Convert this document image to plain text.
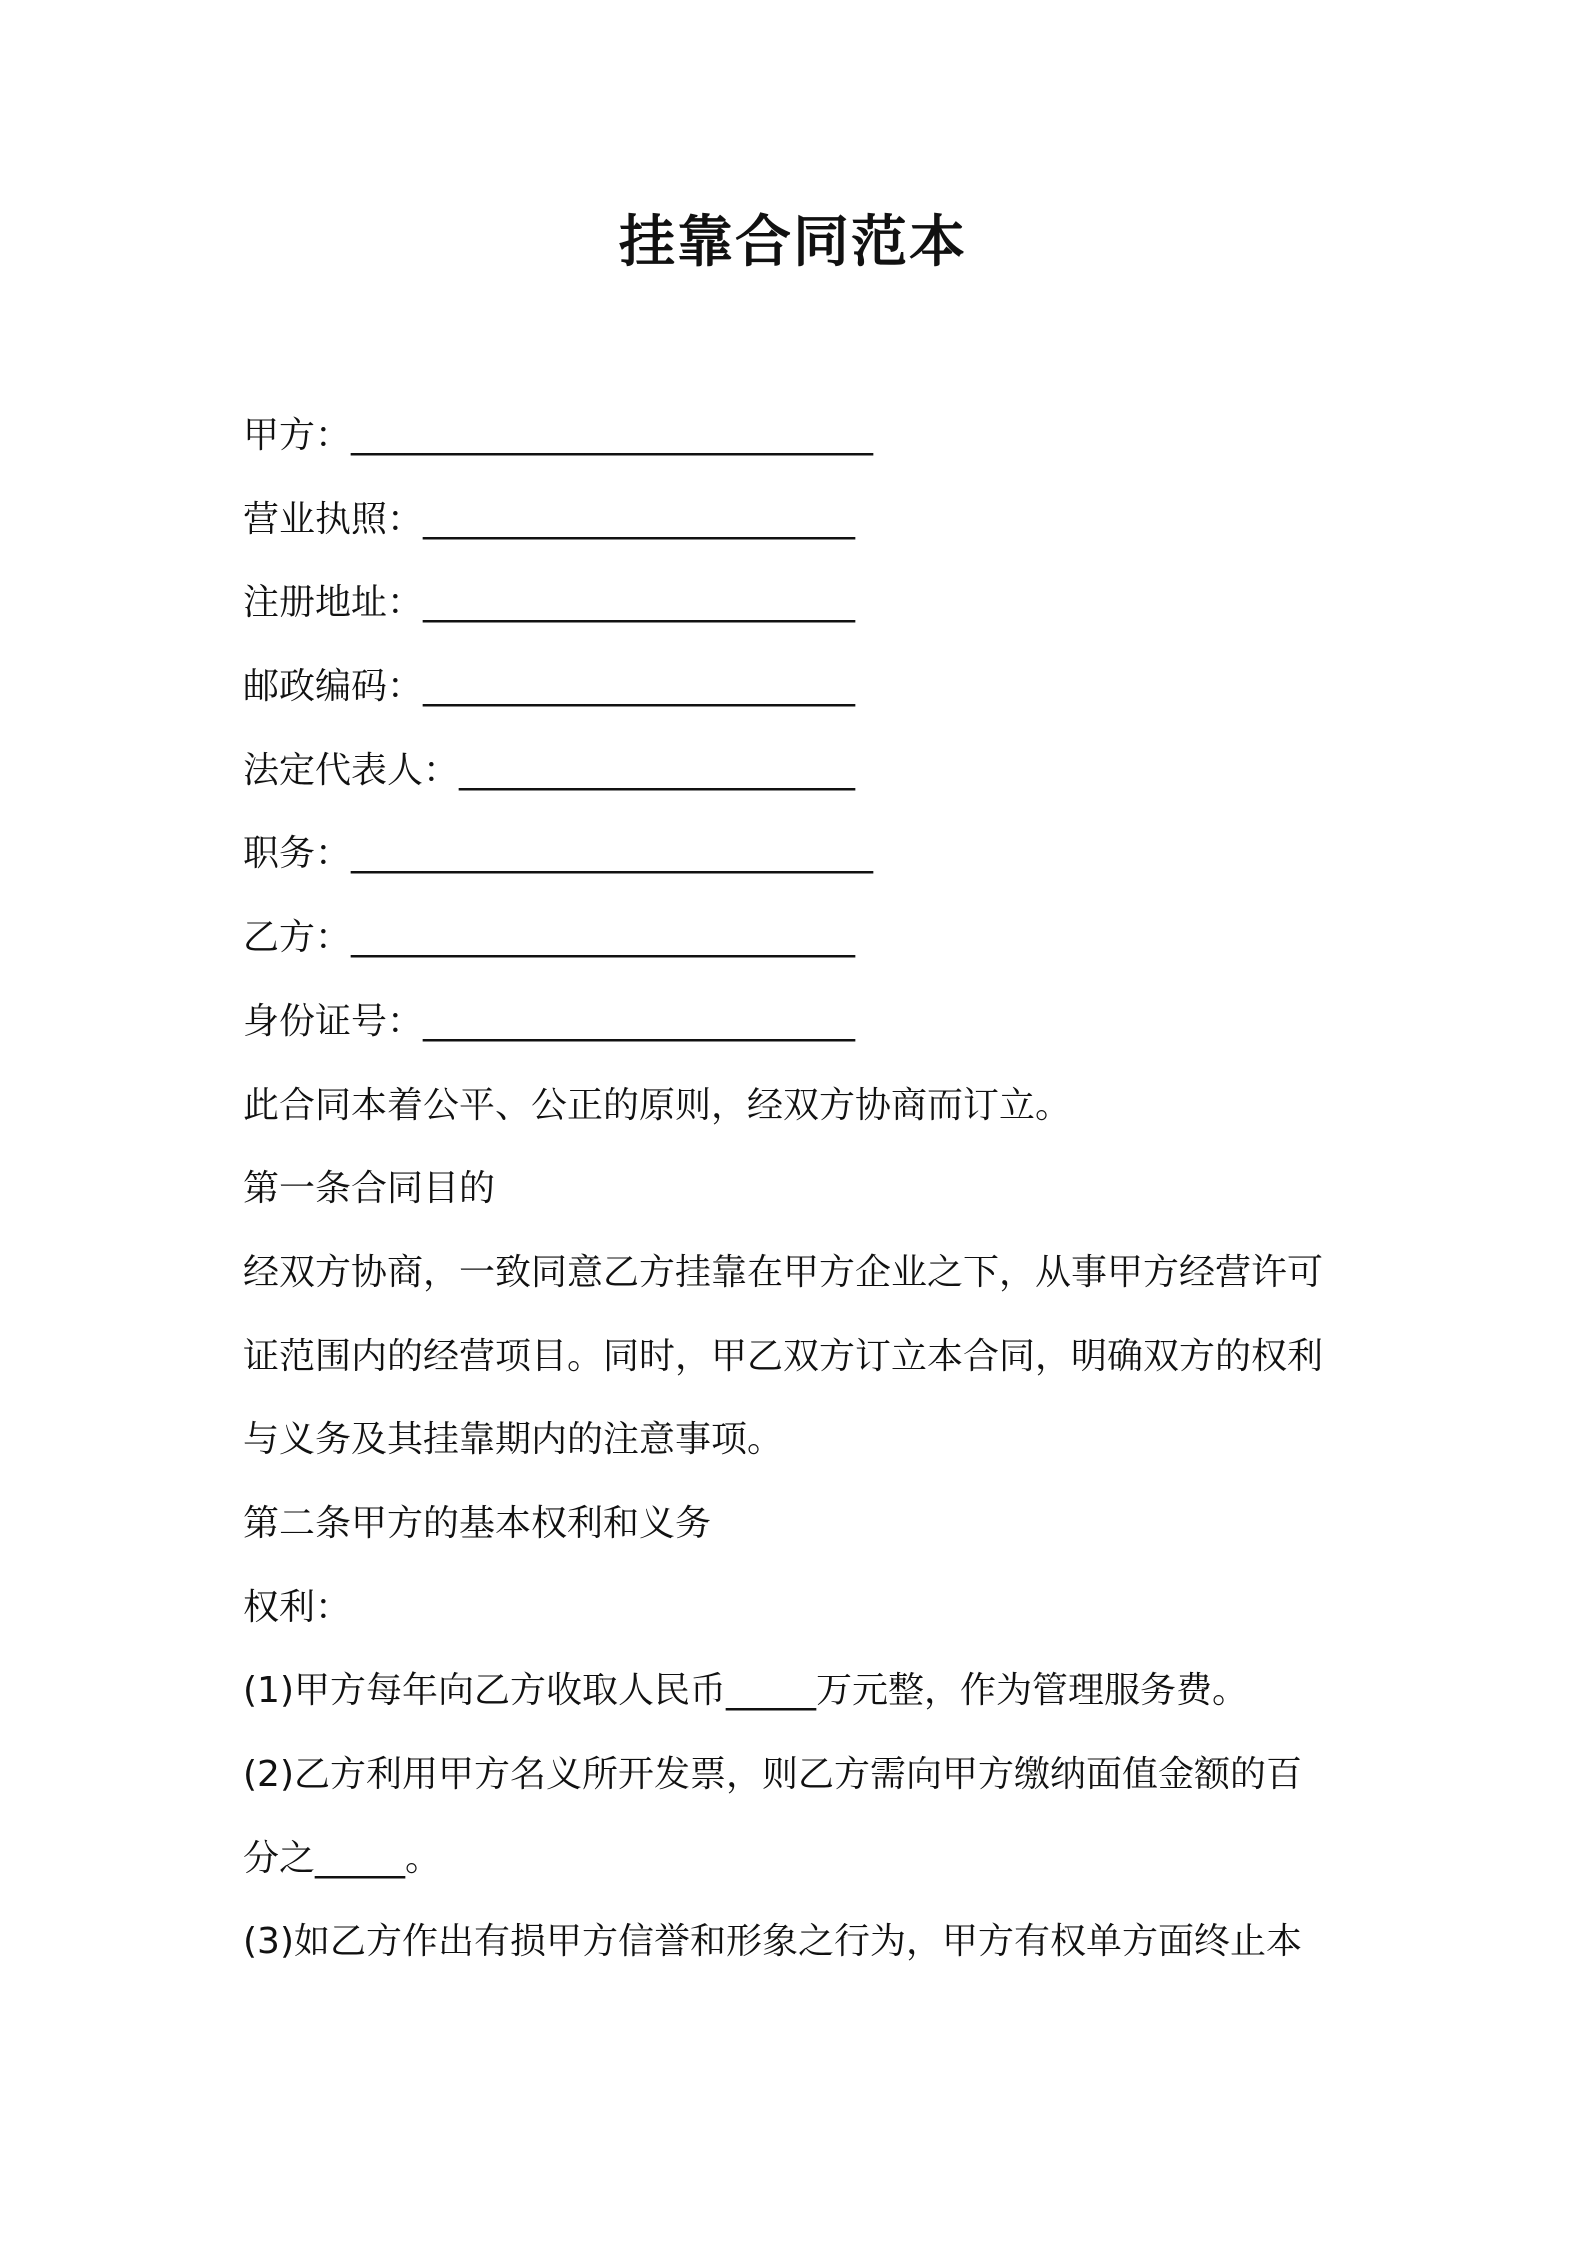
挂靠合同范本
甲方：_____________________________
营业执照：________________________
注册地址：________________________
邮政编码：________________________
法定代表人：______________________
职务：_____________________________
乙方：____________________________
身份证号：________________________
此合同本着公平、公正的原则，经双方协商而订立。
第一条合同目的
经双方协商，一致同意乙方挂靠在甲方企业之下，从事甲方经营许可
证范围内的经营项目。同时，甲乙双方订立本合同，明确双方的权利
与义务及其挂靠期内的注意事项。
第二条甲方的基本权利和义务
权利：
(1)甲方每年向乙方收取人民币_____万元整，作为管理服务费。
(2)乙方利用甲方名义所开发票，则乙方需向甲方缴纳面值金额的百
分之_____。
(3)如乙方作出有损甲方信誉和形象之行为，甲方有权单方面终止本
